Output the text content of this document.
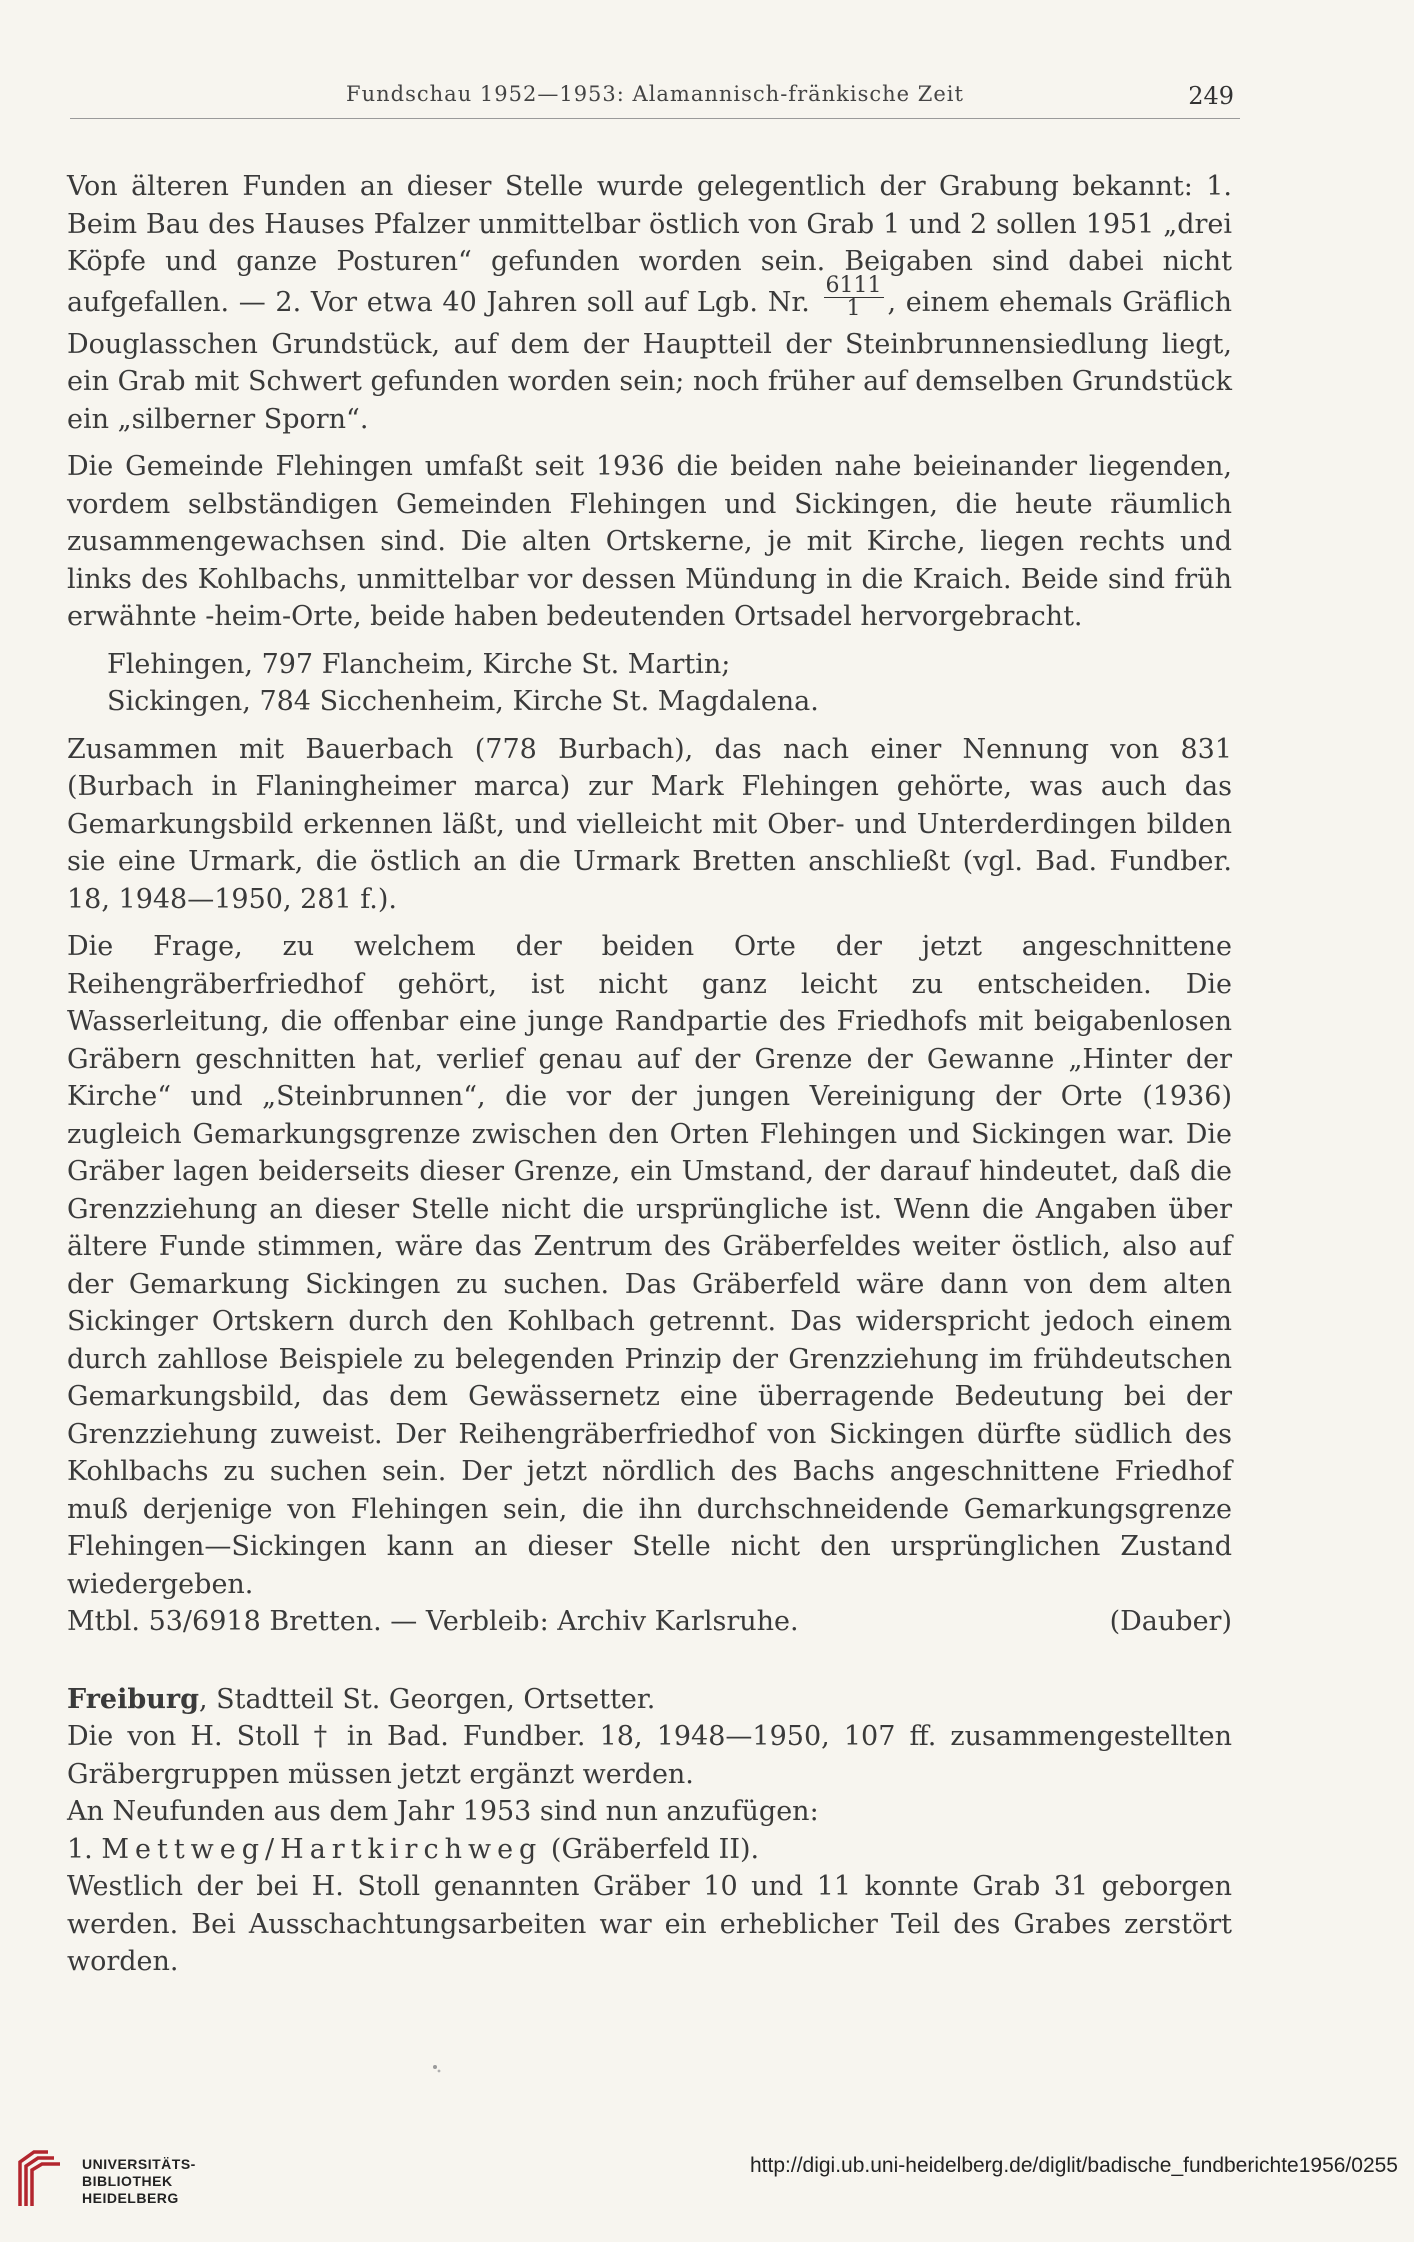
Fundschau 1952—1953: Alamannisch-fränkische Zeit	249

Von älteren Funden an dieser Stelle wurde gelegentlich der Grabung bekannt: 1. Beim Bau des Hauses Pfalzer unmittelbar östlich von Grab 1 und 2 sollen 1951 „drei Köpfe und ganze Posturen“ gefunden worden sein. Beigaben sind dabei nicht aufgefallen. — 2. Vor etwa 40 Jahren soll auf Lgb. Nr. $\frac{6111}{1}$ , einem ehemals Gräflich Douglasschen Grundstück, auf dem der Hauptteil der Steinbrunnensiedlung liegt, ein Grab mit Schwert gefunden worden sein; noch früher auf demselben Grundstück ein „silberner Sporn“.

Die Gemeinde Flehingen umfaßt seit 1936 die beiden nahe beieinander liegenden, vordem selbständigen Gemeinden Flehingen und Sickingen, die heute räumlich zusammengewachsen sind. Die alten Ortskerne, je mit Kirche, liegen rechts und links des Kohlbachs, unmittelbar vor dessen Mündung in die Kraich. Beide sind früh erwähnte -heim-Orte, beide haben bedeutenden Ortsadel hervorgebracht.

Flehingen, 797 Flancheim, Kirche St. Martin;

Sickingen, 784 Sicchenheim, Kirche St. Magdalena.

Zusammen mit Bauerbach (778 Burbach), das nach einer Nennung von 831 (Burbach in Flaningheimer marca) zur Mark Flehingen gehörte, was auch das Gemarkungsbild erkennen läßt, und vielleicht mit Ober- und Unterderdingen bilden sie eine Urmark, die östlich an die Urmark Bretten anschließt (vgl. Bad. Fundber. 18, 1948—1950, 281 f.).

Die Frage, zu welchem der beiden Orte der jetzt angeschnittene Reihengräberfriedhof gehört, ist nicht ganz leicht zu entscheiden. Die Wasserleitung, die offenbar eine junge Randpartie des Friedhofs mit beigabenlosen Gräbern geschnitten hat, verlief genau auf der Grenze der Gewanne „Hinter der Kirche“ und „Steinbrunnen“, die vor der jungen Vereinigung der Orte (1936) zugleich Gemarkungsgrenze zwischen den Orten Flehingen und Sickingen war. Die Gräber lagen beiderseits dieser Grenze, ein Umstand, der darauf hindeutet, daß die Grenzziehung an dieser Stelle nicht die ursprüngliche ist. Wenn die Angaben über ältere Funde stimmen, wäre das Zentrum des Gräberfeldes weiter östlich, also auf der Gemarkung Sickingen zu suchen. Das Gräberfeld wäre dann von dem alten Sickinger Ortskern durch den Kohlbach getrennt. Das widerspricht jedoch einem durch zahllose Beispiele zu belegenden Prinzip der Grenzziehung im frühdeutschen Gemarkungsbild, das dem Gewässernetz eine überragende Bedeutung bei der Grenzziehung zuweist. Der Reihengräberfriedhof von Sickingen dürfte südlich des Kohlbachs zu suchen sein. Der jetzt nördlich des Bachs angeschnittene Friedhof muß derjenige von Flehingen sein, die ihn durchschneidende Gemarkungsgrenze Flehingen—Sickingen kann an dieser Stelle nicht den ursprünglichen Zustand wiedergeben.

Mtbl. 53/6918 Bretten. — Verbleib: Archiv Karlsruhe.	(Dauber)

Freiburg, Stadtteil St. Georgen, Ortsetter.

Die von H. Stoll † in Bad. Fundber. 18, 1948—1950, 107 ff. zusammengestellten Gräbergruppen müssen jetzt ergänzt werden.

An Neufunden aus dem Jahr 1953 sind nun anzufügen:

1. Mettweg/Hartkirchweg (Gräberfeld II).

Westlich der bei H. Stoll genannten Gräber 10 und 11 konnte Grab 31 geborgen werden. Bei Ausschachtungsarbeiten war ein erheblicher Teil des Grabes zerstört worden.

UNIVERSITÄTS-
BIBLIOTHEK
HEIDELBERG
http://digi.ub.uni-heidelberg.de/diglit/badische_fundberichte1956/0255
